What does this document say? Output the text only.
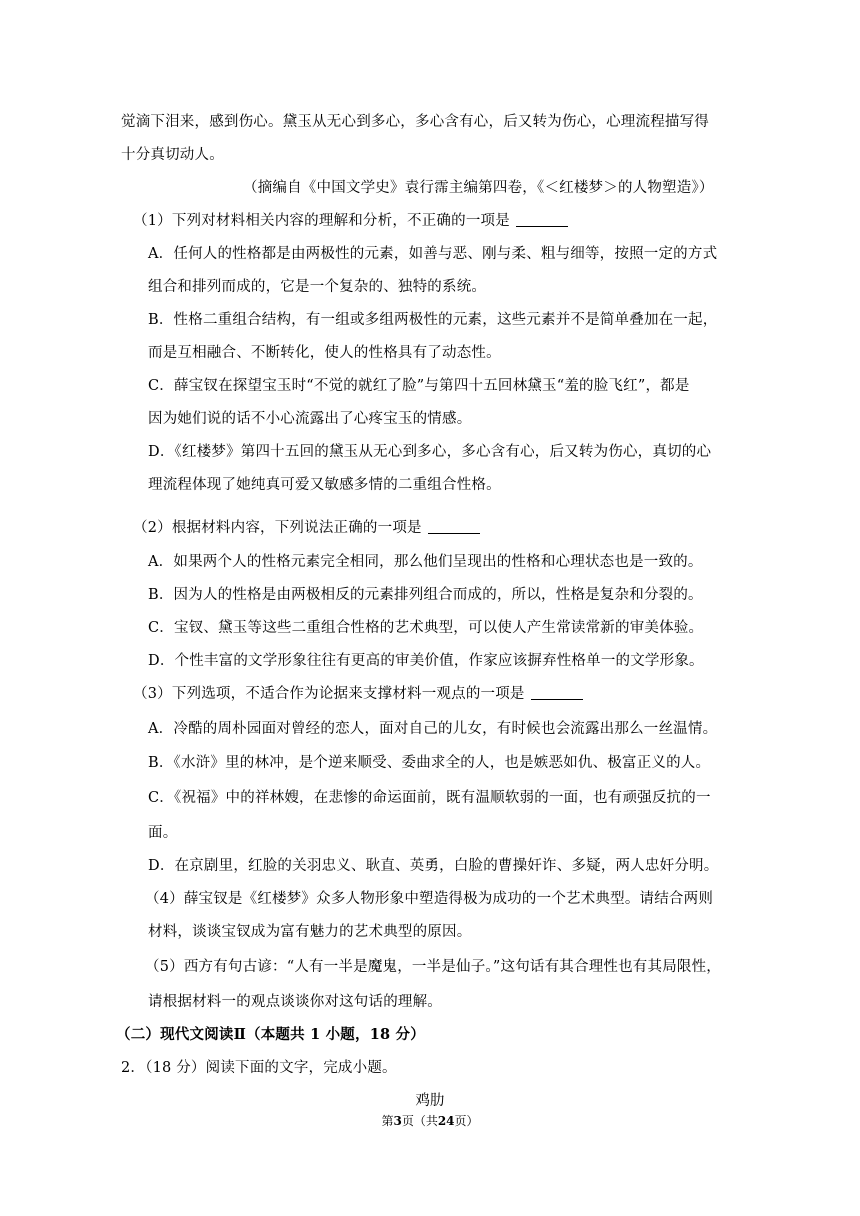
觉滴下泪来，感到伤心。黛玉从无心到多心，多心含有心，后又转为伤心，心理流程描写得
十分真切动人。
（摘编自《中国文学史》袁行霈主编第四卷，《＜红楼梦＞的人物塑造》）
（1）下列对材料相关内容的理解和分析，不正确的一项是
A．任何人的性格都是由两极性的元素，如善与恶、刚与柔、粗与细等，按照一定的方式
组合和排列而成的，它是一个复杂的、独特的系统。
B．性格二重组合结构，有一组或多组两极性的元素，这些元素并不是简单叠加在一起，
而是互相融合、不断转化，使人的性格具有了动态性。
C．薛宝钗在探望宝玉时“不觉的就红了脸”与第四十五回林黛玉“羞的脸飞红”，都是
因为她们说的话不小心流露出了心疼宝玉的情感。
D．《红楼梦》第四十五回的黛玉从无心到多心，多心含有心，后又转为伤心，真切的心
理流程体现了她纯真可爱又敏感多情的二重组合性格。
（2）根据材料内容，下列说法正确的一项是
A．如果两个人的性格元素完全相同，那么他们呈现出的性格和心理状态也是一致的。
B．因为人的性格是由两极相反的元素排列组合而成的，所以，性格是复杂和分裂的。
C．宝钗、黛玉等这些二重组合性格的艺术典型，可以使人产生常读常新的审美体验。
D．个性丰富的文学形象往往有更高的审美价值，作家应该摒弃性格单一的文学形象。
（3）下列选项，不适合作为论据来支撑材料一观点的一项是
A．冷酷的周朴园面对曾经的恋人，面对自己的儿女，有时候也会流露出那么一丝温情。
B．《水浒》里的林冲，是个逆来顺受、委曲求全的人，也是嫉恶如仇、极富正义的人。
C．《祝福》中的祥林嫂，在悲惨的命运面前，既有温顺软弱的一面，也有顽强反抗的一
面。
D．在京剧里，红脸的关羽忠义、耿直、英勇，白脸的曹操奸诈、多疑，两人忠奸分明。
（4）薛宝钗是《红楼梦》众多人物形象中塑造得极为成功的一个艺术典型。请结合两则
材料，谈谈宝钗成为富有魅力的艺术典型的原因。
（5）西方有句古谚：“人有一半是魔鬼，一半是仙子。”这句话有其合理性也有其局限性，
请根据材料一的观点谈谈你对这句话的理解。
（二）现代文阅读Ⅱ（本题共 1 小题，18 分）
2．（18 分）阅读下面的文字，完成小题。
鸡肋
第3页（共24页）
